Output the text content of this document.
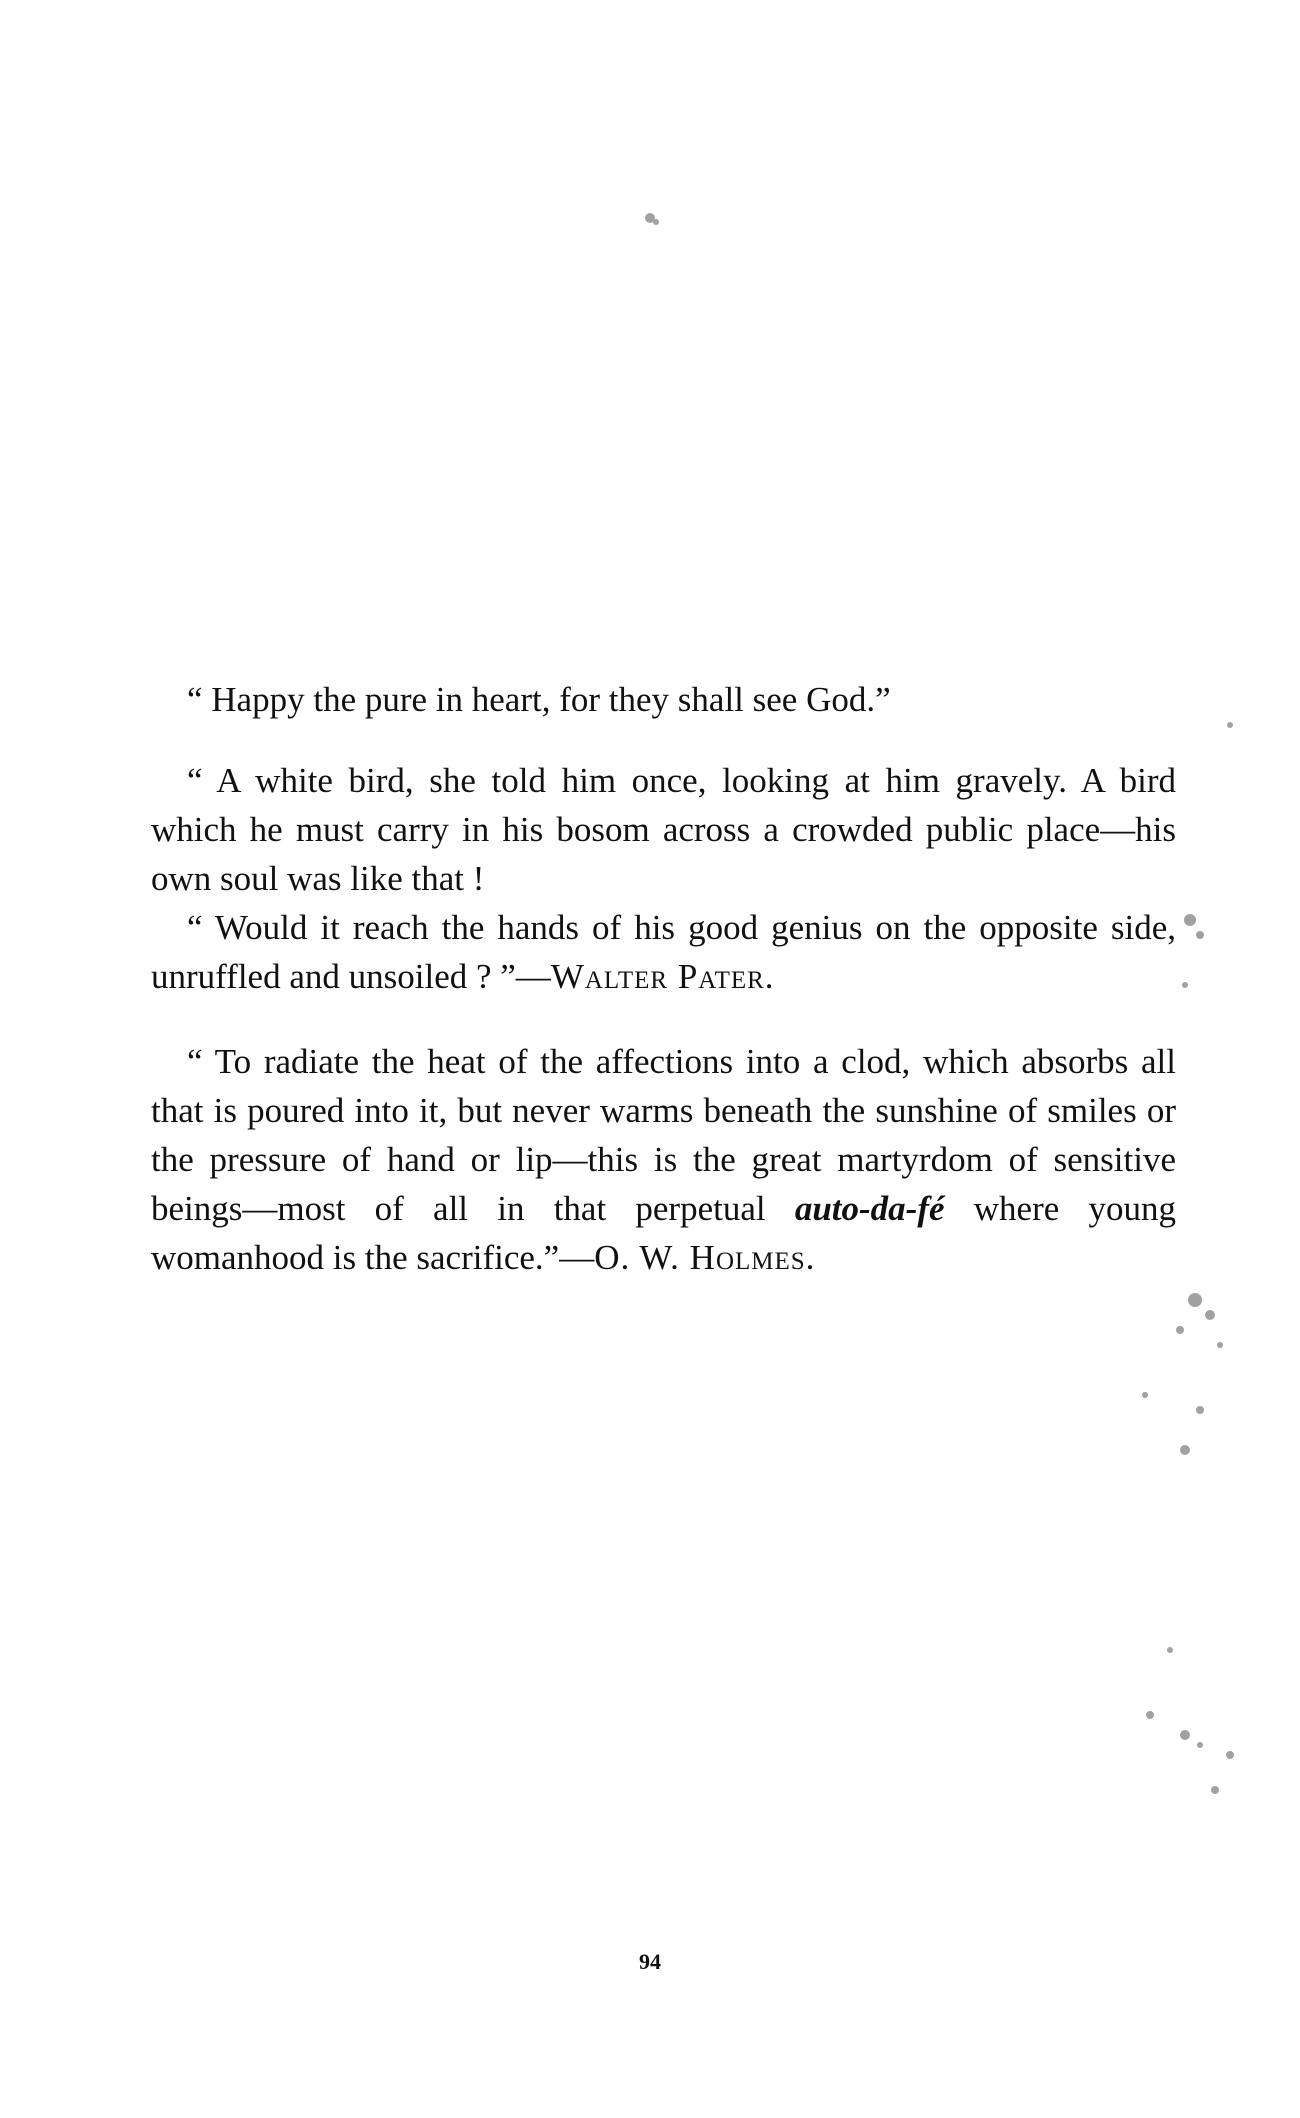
“ Happy the pure in heart, for they shall see God.”

“ A white bird, she told him once, looking at him gravely. A bird which he must carry in his bosom across a crowded public place—his own soul was like that !

“ Would it reach the hands of his good genius on the opposite side, unruffled and unsoiled ? ”—Walter Pater.

“ To radiate the heat of the affections into a clod, which absorbs all that is poured into it, but never warms beneath the sunshine of smiles or the pressure of hand or lip—this is the great martyrdom of sensitive beings—most of all in that perpetual auto-da-fé where young womanhood is the sacrifice.”—O. W. Holmes.

94
